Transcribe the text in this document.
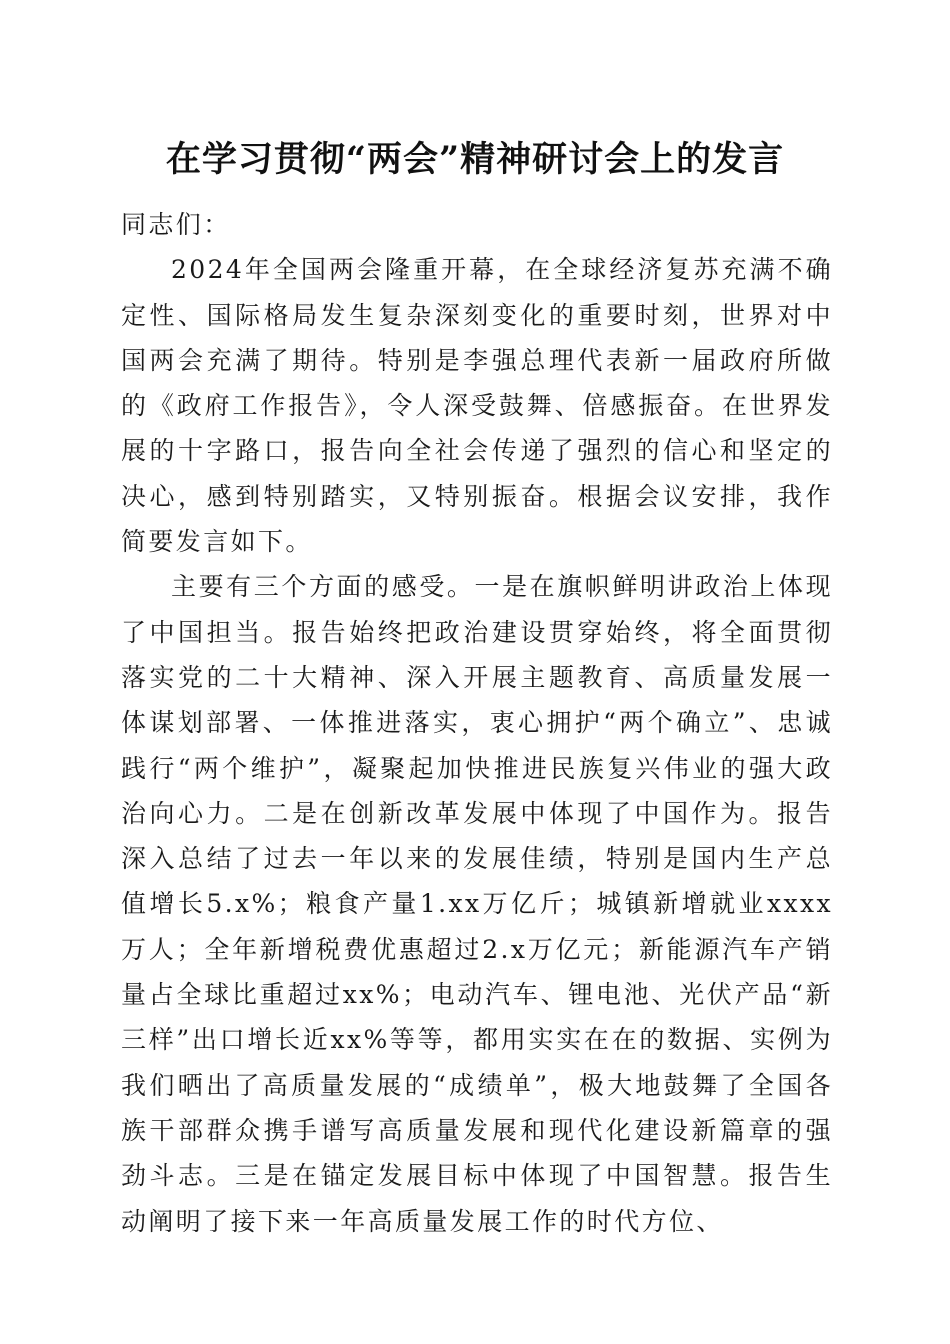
在学习贯彻“两会”精神研讨会上的发言

同志们：

2024年全国两会隆重开幕，在全球经济复苏充满不确定性、国际格局发生复杂深刻变化的重要时刻，世界对中国两会充满了期待。特别是李强总理代表新一届政府所做的《政府工作报告》，令人深受鼓舞、倍感振奋。在世界发展的十字路口，报告向全社会传递了强烈的信心和坚定的决心，感到特别踏实，又特别振奋。根据会议安排，我作简要发言如下。

主要有三个方面的感受。一是在旗帜鲜明讲政治上体现了中国担当。报告始终把政治建设贯穿始终，将全面贯彻落实党的二十大精神、深入开展主题教育、高质量发展一体谋划部署、一体推进落实，衷心拥护“两个确立”、忠诚践行“两个维护”，凝聚起加快推进民族复兴伟业的强大政治向心力。二是在创新改革发展中体现了中国作为。报告深入总结了过去一年以来的发展佳绩，特别是国内生产总值增长5.x%；粮食产量1.xx万亿斤；城镇新增就业xxxx万人；全年新增税费优惠超过2.x万亿元；新能源汽车产销量占全球比重超过xx%；电动汽车、锂电池、光伏产品“新三样”出口增长近xx%等等，都用实实在在的数据、实例为我们晒出了高质量发展的“成绩单”，极大地鼓舞了全国各族干部群众携手谱写高质量发展和现代化建设新篇章的强劲斗志。三是在锚定发展目标中体现了中国智慧。报告生动阐明了接下来一年高质量发展工作的时代方位、
